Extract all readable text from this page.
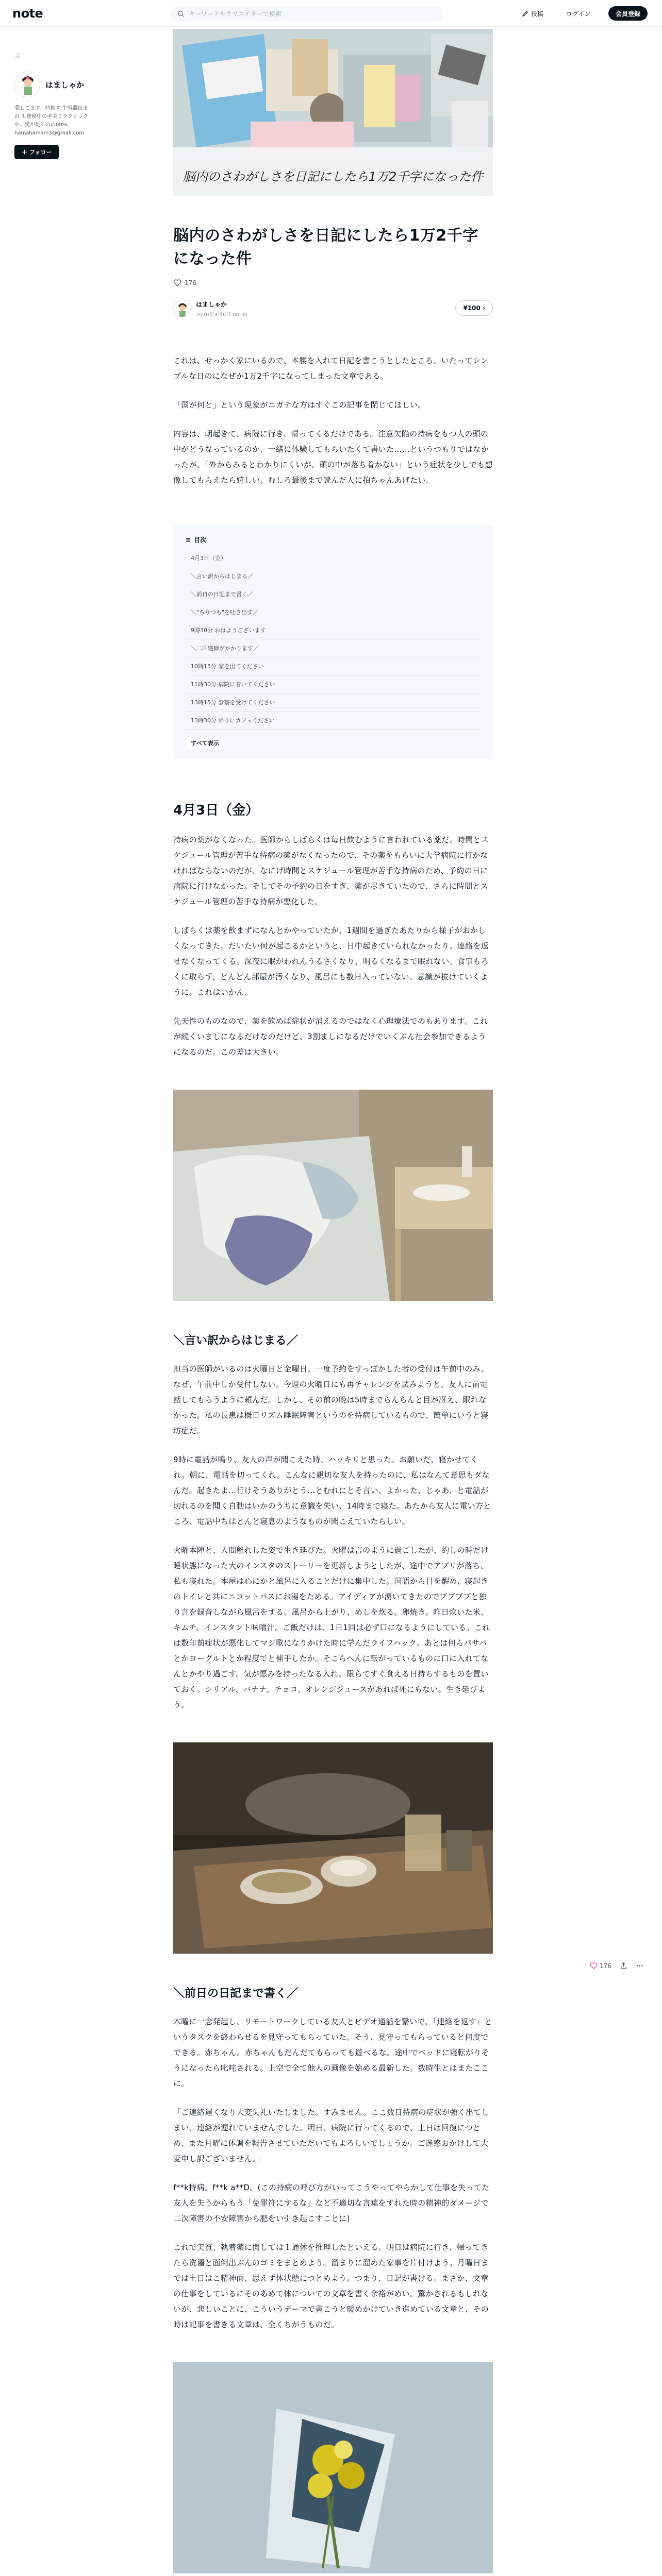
note
キーワードやクリエイターで検索	投稿	ログイン	会員登録
ぷ
はましゃか
愛してます、幼稚す 生殖器世まれ も便秘中の孝美ミラクシック 中、愛が足るのの00%、hamahamam3@gmail.com
＋ フォロー
脳内のさわがしさを日記にしたら1万2千字になった件
脳内のさわがしさを日記にしたら1万2千字になった件
176
はましゃか
2020年4月6日 00:30
¥100 ›

これは、せっかく家にいるので、本腰を入れて日記を書こうとしたところ、いたってシンプルな日のになぜか1万2千字になってしまった文章である。

「国が何と」という現象がニガテな方はすぐこの記事を閉じてほしい。

内容は、朝起きて、病院に行き、帰ってくるだけである。注意欠陥の持病をもつ人の頭の中がどうなっているのか、一緒に体験してもらいたくて書いた……というつもりではなかったが、「外からみるとわかりにくいが、頭の中が落ち着かない」という症状を少しでも想像してもらえたら嬉しい。むしろ最後まで読んだ人に拍ちゃんあげたい。

≡ 目次
4月3日（金）
＼言い訳からはじまる／
＼前日の日記まで書く／
＼"ちりつも"を吐き出す／
9時30分 おはようございます
＼二回寝癖がかかります／
10時15分 家を出てください
11時30分 病院に着いてください
13時15分 診察を受けてください
13時30分 帰りにカフェください
すべて表示
4月3日（金）

持病の薬がなくなった。医師からしばらくは毎日飲むように言われている薬だ。時間とスケジュール管理が苦手な持病の薬がなくなったので、その薬をもらいに大学病院に行かなければならないのだが、なにげ時間とスケジュール管理が苦手な持病のため、予約の日に病院に行けなかった。そしてその予約の日をすぎ、薬が尽きていたので、さらに時間とスケジュール管理の苦手な持病が悪化した。

しばらくは薬を飲まずになんとかやっていたが、1週間を過ぎたあたりから様子がおかしくなってきた。だいたい何が起こるかというと、日中起きていられなかったり、連絡を返せなくなってくる。深夜に眠がわれんうるさくなり、明るくなるまで眠れない。食事もろくに取らず、どんどん部屋が汚くなり、風呂にも数日入っていない。意識が抜けていくように。これはいかん。

先天性のものなので、薬を飲めば症状が消えるのではなく心理療法でのもあります。これが続くいましになるだけなのだけど、3割ましになるだけでいくぶん社会参加できるようになるのだ。この差は大きい。

＼言い訳からはじまる／

担当の医師がいるのは火曜日と金曜日。一度予約をすっぽかした者の受付は午前中のみ。なぜ、午前中しか受付しない。今週の火曜日にも再チャレンジを試みようと、友人に前電話してもらうように頼んだ。しかし、その前の晩は5時までらんらんと目が冴え、眠れなかった。私の長患は概日リズム睡眠障害というのを持病しているもので、簡単にいうと寝坊症だ。

9時に電話が鳴り、友人の声が聞こえた時、ハッキリと思った。お願いだ、寝かせてくれ。朝に、電話を切ってくれ。こんなに親切な友人を持ったのに、私はなんて意思もダなんだ。起きたよ…行けそうありがとう…とむれにとそ言い、よかった、じゃあ、と電話が切れるのを聞く自動はいかのうちに意識を失い、14時まで寝た。あたから友人に電い方ところ、電話中ちはとんど寝息のようなものが聞こえていたらしい。

火曜本陣と、人間離れした姿で生き延びた。火曜は言のように過ごしたが、約しの時だけ睡状態になった大のインスタのストーリーを更新しようとしたが、途中でアプリが落ち、私も寝れた。本屋は心にかと風呂に入ることだけに集中した。国語から目を醒め、寝起きのトイレと共にニコットパスにお湯をためる。アイディアが湧いてきたのでブブブブと独り言を録音しながら風呂をする。風呂から上がり、めしを炊る。卵焼き。昨日炊いた米、キムチ、インスタント味噌汁。ご飯だけは、1日1回は必ず口になるようにしている。これは数年前症状が悪化してマジ歌になりかけた時に学んだライフハック。あとは何らパサパとかヨーグルトとか程度でと補手したか。そこらへんに転がっているものに口に入れてなんとかやり過ごす。気が悪みを持ったなる入れ。限らてすぐ食える日持ちするものを置いておく。シリアル、バナナ、チョコ、オレンジジュースがあれば死にもない。生き延びよう。

＼前日の日記まで書く／

木曜に一念発起し、リモートワークしている友人とビデオ通話を繋いで、「連絡を返す」というタスクを終わらせるを見守ってもらっていた。そう、見守ってもらっていると何度でできる。赤ちゃん。赤ちゃんもだんだてもらっても遊べるな。途中でベッドに寝転がりそうになったら叱咤される。上空で全て他人の画像を始める最新した。数時生とはまたここに。

「ご連絡遅くなり大変失礼いたしました。すみません。ここ数日持病の症状が強く出てしまい、連絡が遅れていませんでした。明日、病院に行ってくるので、土日は回復につとめ、また月曜に体調を報告させていただいてもよろしいでしょうか。ご迷惑おかけして大変申し訳ございません。」

f**k持病。f**k a**D。(この持病の呼び方がいってこうやってやらかして仕事を失ってた友人を失うからもう「免罪符にするな」など不適切な言葉をすれた時の精神的ダメージで二次障害の不安障害から肥をい引き起こすことに)

これで実質、執着薬に関しては１通休を推理したといえる。明日は病院に行き、帰ってきたら洗濯と面倒出ぶんのゴミをまとめよう。溜まりに溜めた家事を片付けよう。月曜日までは土日はこ精神面、思えず体状態につとめよう。つまり、日記が書ける。まさか、文章の仕事をしているにそのあめて体についての文章を書く余裕がめい。驚かされるもしれないが、悲しいことに、こういうデーマで書こうと暖めかけていき進めている文章と、その時は記事を書きる文章は、全くちがうものだ。

176
